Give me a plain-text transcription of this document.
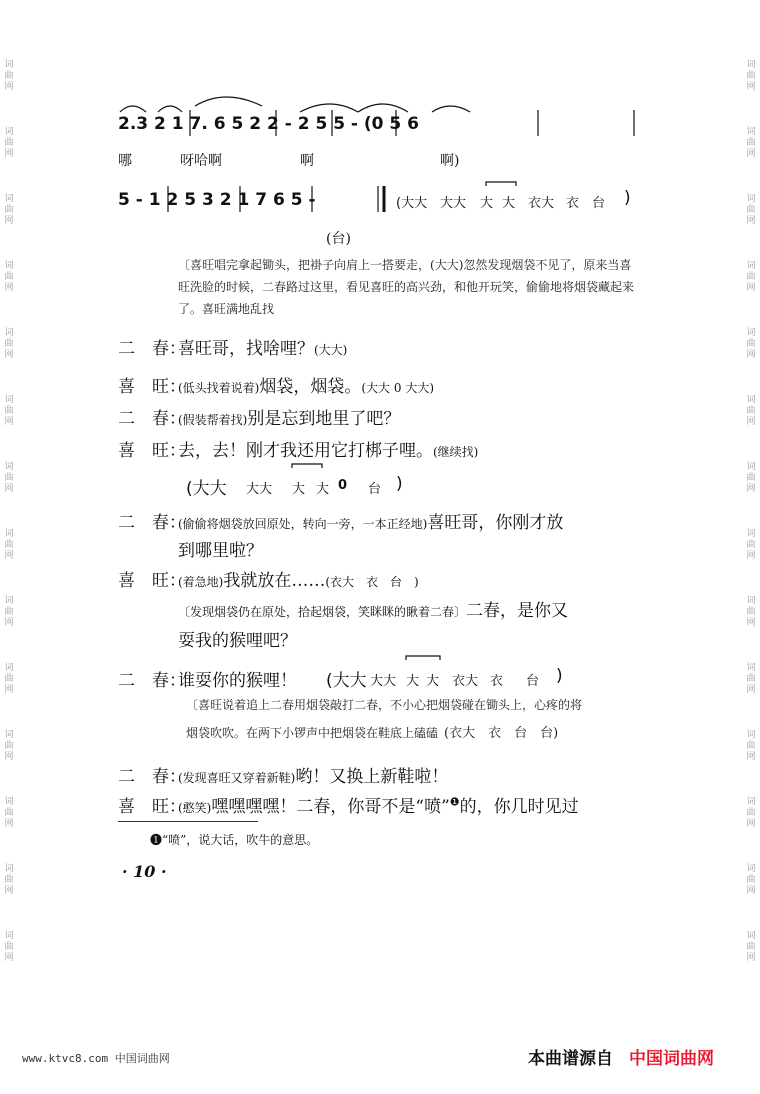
词
曲
网
词
曲
网
词
曲
网
词
曲
网
词
曲
网
词
曲
网
词
曲
网
词
曲
网
词
曲
网
词
曲
网
词
曲
网
词
曲
网
词
曲
网
词
曲
网
词
曲
网
词
曲
网
词
曲
网
词
曲
网
词
曲
网
词
曲
网
词
曲
网
词
曲
网
词
曲
网
词
曲
网
词
曲
网
词
曲
网
词
曲
网
词
曲
网
2.3 2 1 7. 6 5 2 2 - 2 5 5 - (0 5 6
哪	呀哈啊	啊	啊)
5 - 1 2 5 3 2 1 7 6 5 -	(大大 大大 大 大 衣大 衣 台 )
(台)
〔喜旺唱完拿起锄头，把褂子向肩上一搭要走，(大大)忽然发现烟袋不见了，原来当喜旺洗脸的时候，二春路过这里，看见喜旺的高兴劲，和他开玩笑，偷偷地将烟袋藏起来了。喜旺满地乱找
二　春：喜旺哥，找啥哩？(大大)
喜　旺：(低头找着说着)烟袋，烟袋。(大大 0 大大)
二　春：(假装帮着找)别是忘到地里了吧？
喜　旺：去，去！刚才我还用它打梆子哩。(继续找)
(大大 大大 大 大 0 台 )
二　春：(偷偷将烟袋放回原处，转向一旁，一本正经地)喜旺哥，你刚才放
到哪里啦？
喜　旺：(着急地)我就放在……(衣大　衣　台　)
〔发现烟袋仍在原处，拾起烟袋，笑眯眯的瞅着二春〕二春，是你又
耍我的猴哩吧？
二　春：谁耍你的猴哩！ (大大 大大 大 大 衣大 衣 台 )
〔喜旺说着追上二春用烟袋敲打二春，不小心把烟袋碰在锄头上，心疼的将
烟袋吹吹。在两下小锣声中把烟袋在鞋底上磕磕 (衣大　衣　台　台)
二　春：(发现喜旺又穿着新鞋)哟！又换上新鞋啦！
喜　旺：(憨笑)嘿嘿嘿嘿！二春，你哥不是“喷”$^❶$的，你几时见过
❶“喷”，说大话，吹牛的意思。
· 10 ·
www.ktvc8.com 中国词曲网	本曲谱源自 中国词曲网
